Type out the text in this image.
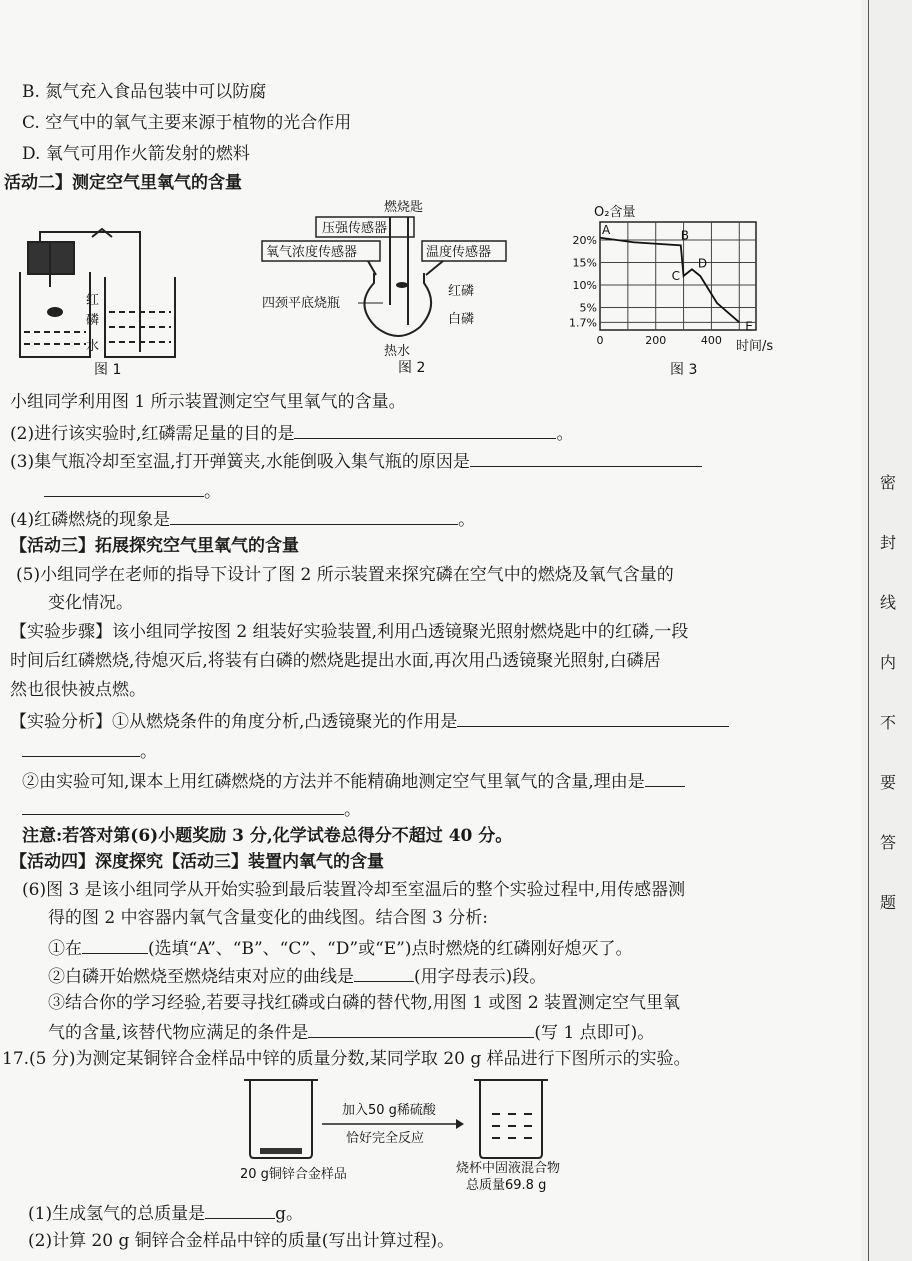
B. 氮气充入食品包装中可以防腐
C. 空气中的氧气主要来源于植物的光合作用
D. 氧气可用作火箭发射的燃料
活动二】测定空气里氧气的含量
红
磷
水
图 1
燃烧匙
压强传感器
氧气浓度传感器	温度传感器
四颈平底烧瓶
红磷
白磷
热水
图 2
O₂含量
时间/s
图 3
20%
15%
10%
5%
1.7%
0	200	400
A	B
C
D
E
小组同学利用图 1 所示装置测定空气里氧气的含量。
(2)进行该实验时,红磷需足量的目的是	。
(3)集气瓶冷却至室温,打开弹簧夹,水能倒吸入集气瓶的原因是
。
(4)红磷燃烧的现象是	。
【活动三】拓展探究空气里氧气的含量
(5)小组同学在老师的指导下设计了图 2 所示装置来探究磷在空气中的燃烧及氧气含量的
变化情况。
【实验步骤】该小组同学按图 2 组装好实验装置,利用凸透镜聚光照射燃烧匙中的红磷,一段
时间后红磷燃烧,待熄灭后,将装有白磷的燃烧匙提出水面,再次用凸透镜聚光照射,白磷居
然也很快被点燃。
【实验分析】①从燃烧条件的角度分析,凸透镜聚光的作用是
。
②由实验可知,课本上用红磷燃烧的方法并不能精确地测定空气里氧气的含量,理由是
。
注意:若答对第(6)小题奖励 3 分,化学试卷总得分不超过 40 分。
【活动四】深度探究【活动三】装置内氧气的含量
(6)图 3 是该小组同学从开始实验到最后装置冷却至室温后的整个实验过程中,用传感器测
得的图 2 中容器内氧气含量变化的曲线图。结合图 3 分析:
①在	(选填“A”、“B”、“C”、“D”或“E”)点时燃烧的红磷刚好熄灭了。
②白磷开始燃烧至燃烧结束对应的曲线是	(用字母表示)段。
③结合你的学习经验,若要寻找红磷或白磷的替代物,用图 1 或图 2 装置测定空气里氧
气的含量,该替代物应满足的条件是	(写 1 点即可)。
17.(5 分)为测定某铜锌合金样品中锌的质量分数,某同学取 20 g 样品进行下图所示的实验。
加入50 g稀硫酸
恰好完全反应
20 g铜锌合金样品	烧杯中固液混合物
总质量69.8 g
(1)生成氢气的总质量是	g。
(2)计算 20 g 铜锌合金样品中锌的质量(写出计算过程)。
密
封
线
内
不
要
答
题
